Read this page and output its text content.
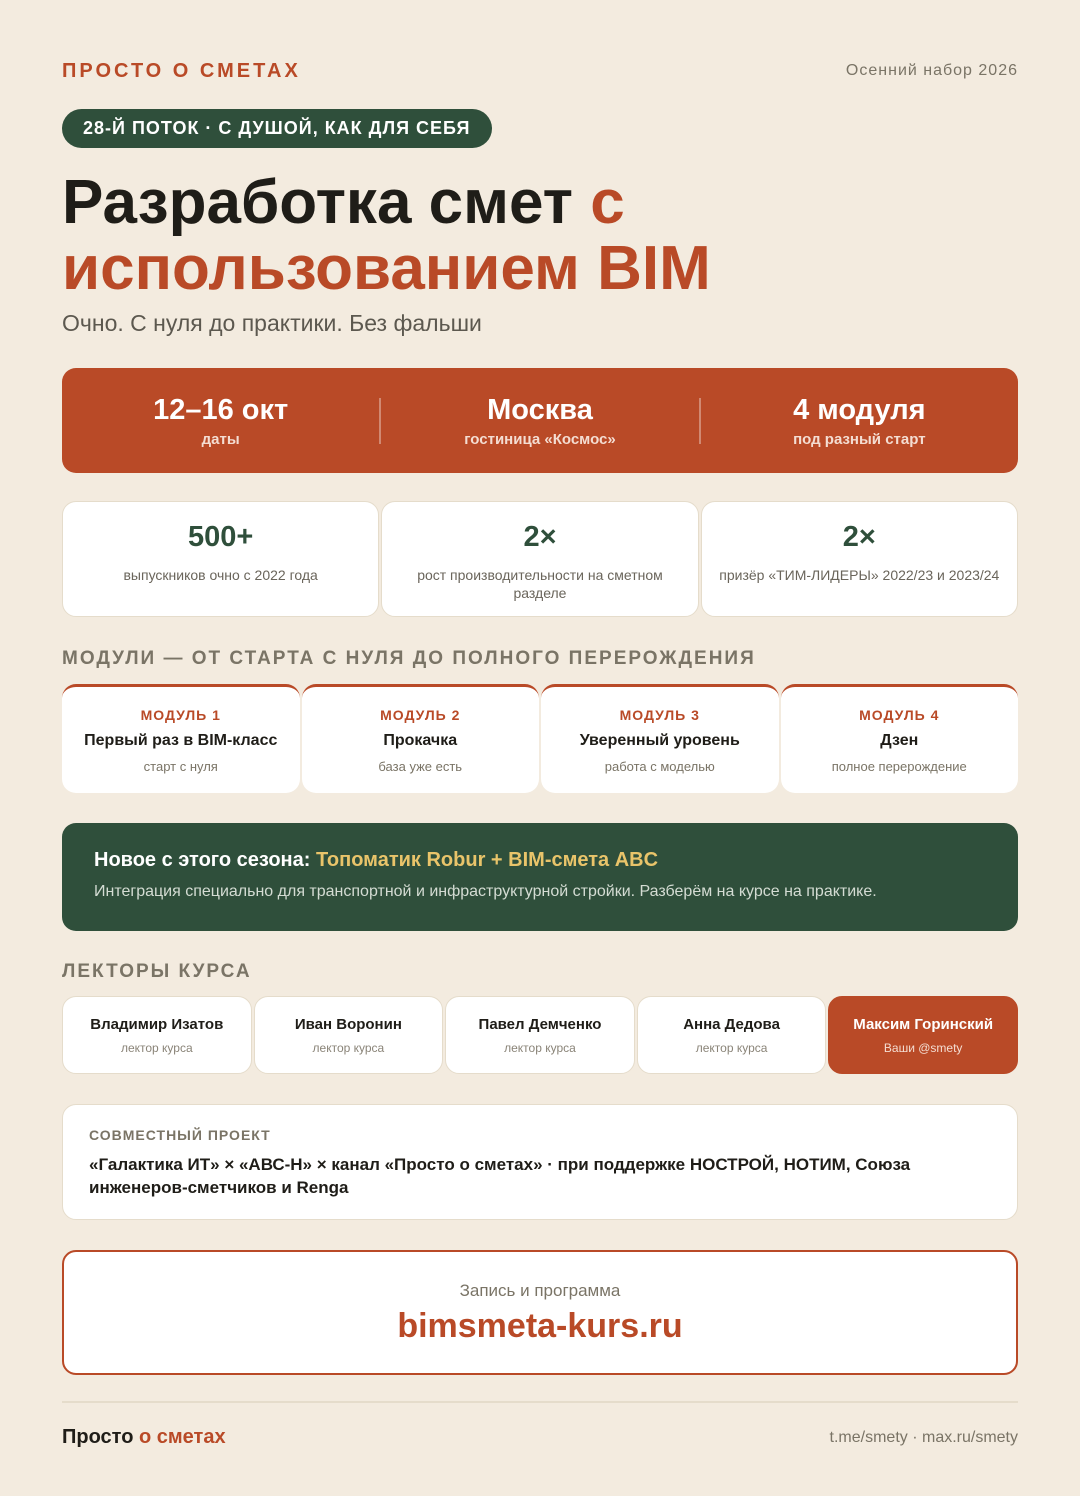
ПРОСТО О СМЕТАХ	Осенний набор 2026
28-Й ПОТОК · С ДУШОЙ, КАК ДЛЯ СЕБЯ
Разработка смет с
использованием BIM
Очно. С нуля до практики. Без фальши
12–16 окт
даты
Москва
гостиница «Космос»
4 модуля
под разный старт
500+
выпускников очно с 2022 года
2×
рост производительности на сметном разделе
2×
призёр «ТИМ-ЛИДЕРЫ» 2022/23 и 2023/24
МОДУЛИ — ОТ СТАРТА С НУЛЯ ДО ПОЛНОГО ПЕРЕРОЖДЕНИЯ
МОДУЛЬ 1
Первый раз в BIM-класс
старт с нуля
МОДУЛЬ 2
Прокачка
база уже есть
МОДУЛЬ 3
Уверенный уровень
работа с моделью
МОДУЛЬ 4
Дзен
полное перерождение
Новое с этого сезона: Топоматик Robur + BIM-смета ABC
Интеграция специально для транспортной и инфраструктурной стройки. Разберём на курсе на практике.
ЛЕКТОРЫ КУРСА
Владимир Изатов
лектор курса
Иван Воронин
лектор курса
Павел Демченко
лектор курса
Анна Дедова
лектор курса
Максим Горинский
Ваши @smety
СОВМЕСТНЫЙ ПРОЕКТ
«Галактика ИТ» × «АВС-Н» × канал «Просто о сметах» · при поддержке НОСТРОЙ, НОТИМ, Союза инженеров-сметчиков и Renga
Запись и программа
bimsmeta-kurs.ru
Просто о сметах	t.me/smety · max.ru/smety
